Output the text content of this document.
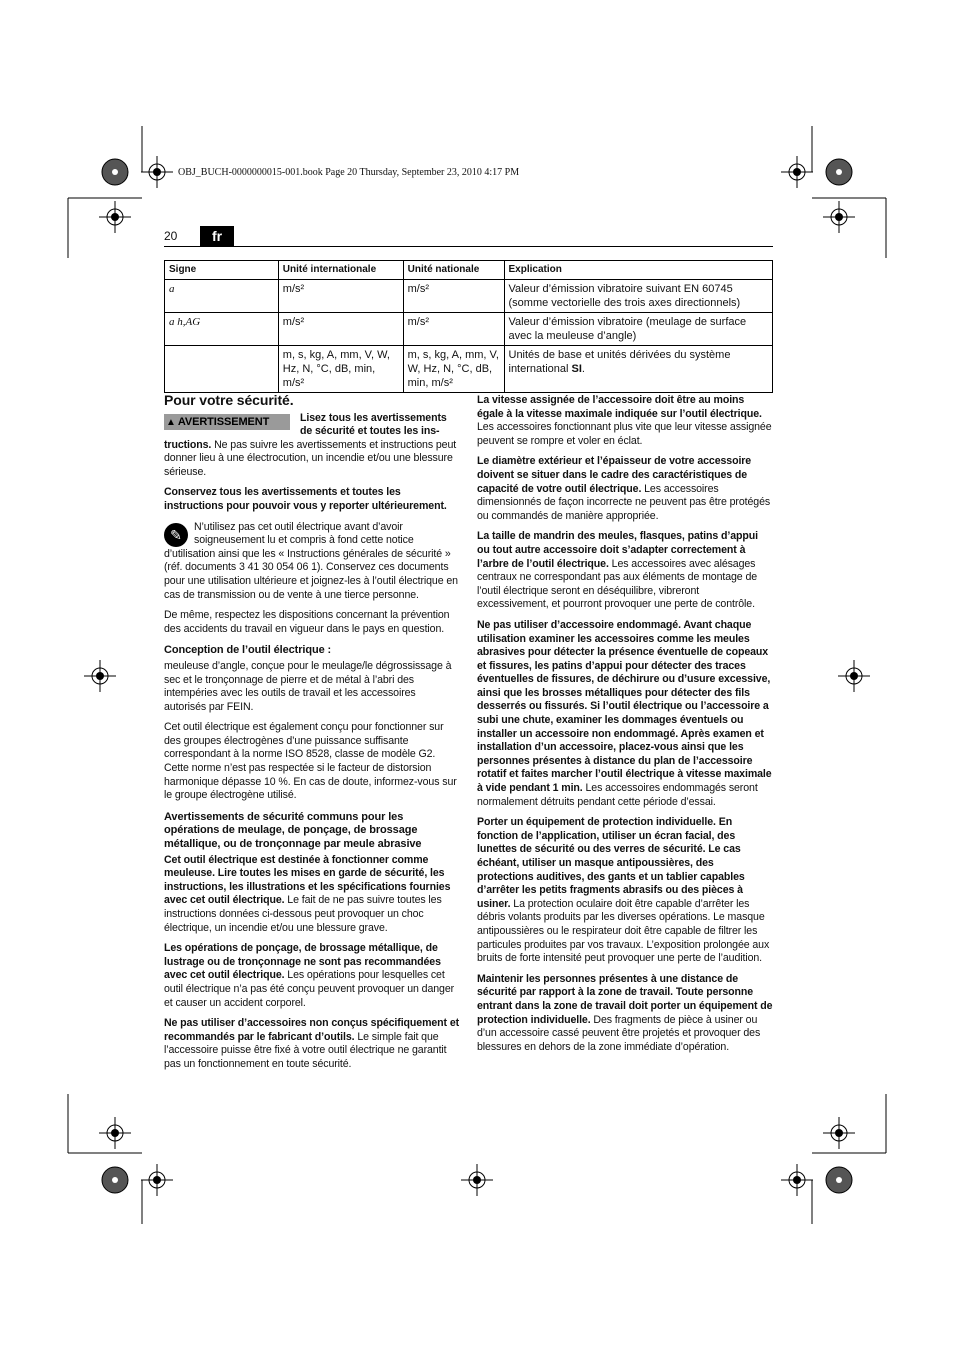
OBJ_BUCH-0000000015-001.book Page 20 Thursday, September 23, 2010 4:17 PM
20	fr
Signe	Unité internationale	Unité nationale	Explication
a	m/s²	m/s²	Valeur d’émission vibratoire suivant EN 60745 (somme vectorielle des trois axes directionnels)
a h,AG	m/s²	m/s²	Valeur d’émission vibratoire (meulage de surface avec la meuleuse d’angle)
	m, s, kg, A, mm, V, W, Hz, N, °C, dB, min, m/s²	m, s, kg, A, mm, V, W, Hz, N, °C, dB, min, m/s²	Unités de base et unités dérivées du système international SI.

Pour votre sécurité.

▲ AVERTISSEMENT	Lisez tous les avertissements de sécurité et toutes les ins-

tructions. Ne pas suivre les avertissements et instructions peut donner lieu à une électrocution, un incendie et/ou une blessure sérieuse.

Conservez tous les avertissements et toutes les instructions pour pouvoir vous y reporter ultérieurement.

✎	N’utilisez pas cet outil électrique avant d’avoir soigneusement lu et compris à fond cette notice d’utilisation ainsi que les « Instructions générales de sécurité » (réf. documents 3 41 30 054 06 1). Conservez ces documents pour une utilisation ultérieure et joignez-les à l’outil électrique en cas de transmission ou de vente à une tierce personne.

De même, respectez les dispositions concernant la prévention des accidents du travail en vigueur dans le pays en question.

Conception de l’outil électrique :

meuleuse d’angle, conçue pour le meulage/le dégrossissage à sec et le tronçonnage de pierre et de métal à l’abri des intempéries avec les outils de travail et les accessoires autorisés par FEIN.

Cet outil électrique est également conçu pour fonctionner sur des groupes électrogènes d’une puissance suffisante correspondant à la norme ISO 8528, classe de modèle G2. Cette norme n’est pas respectée si le facteur de distorsion harmonique dépasse 10 %. En cas de doute, informez-vous sur le groupe électrogène utilisé.

Avertissements de sécurité communs pour les opérations de meulage, de ponçage, de brossage métallique, ou de tronçonnage par meule abrasive

Cet outil électrique est destinée à fonctionner comme meuleuse. Lire toutes les mises en garde de sécurité, les instructions, les illustrations et les spécifications fournies avec cet outil électrique. Le fait de ne pas suivre toutes les instructions données ci-dessous peut provoquer un choc électrique, un incendie et/ou une blessure grave.

Les opérations de ponçage, de brossage métallique, de lustrage ou de tronçonnage ne sont pas recommandées avec cet outil électrique. Les opérations pour lesquelles cet outil électrique n’a pas été conçu peuvent provoquer un danger et causer un accident corporel.

Ne pas utiliser d’accessoires non conçus spécifiquement et recommandés par le fabricant d’outils. Le simple fait que l’accessoire puisse être fixé à votre outil électrique ne garantit pas un fonctionnement en toute sécurité.

La vitesse assignée de l’accessoire doit être au moins égale à la vitesse maximale indiquée sur l’outil électrique. Les accessoires fonctionnant plus vite que leur vitesse assignée peuvent se rompre et voler en éclat.

Le diamètre extérieur et l’épaisseur de votre accessoire doivent se situer dans le cadre des caractéristiques de capacité de votre outil électrique. Les accessoires dimensionnés de façon incorrecte ne peuvent pas être protégés ou commandés de manière appropriée.

La taille de mandrin des meules, flasques, patins d’appui ou tout autre accessoire doit s’adapter correctement à l’arbre de l’outil électrique. Les accessoires avec alésages centraux ne correspondant pas aux éléments de montage de l’outil électrique seront en déséquilibre, vibreront excessivement, et pourront provoquer une perte de contrôle.

Ne pas utiliser d’accessoire endommagé. Avant chaque utilisation examiner les accessoires comme les meules abrasives pour détecter la présence éventuelle de copeaux et fissures, les patins d’appui pour détecter des traces éventuelles de fissures, de déchirure ou d’usure excessive, ainsi que les brosses métalliques pour détecter des fils desserrés ou fissurés. Si l’outil électrique ou l’accessoire a subi une chute, examiner les dommages éventuels ou installer un accessoire non endommagé. Après examen et installation d’un accessoire, placez-vous ainsi que les personnes présentes à distance du plan de l’accessoire rotatif et faites marcher l’outil électrique à vitesse maximale à vide pendant 1 min. Les accessoires endommagés seront normalement détruits pendant cette période d’essai.

Porter un équipement de protection individuelle. En fonction de l’application, utiliser un écran facial, des lunettes de sécurité ou des verres de sécurité. Le cas échéant, utiliser un masque antipoussières, des protections auditives, des gants et un tablier capables d’arrêter les petits fragments abrasifs ou des pièces à usiner. La protection oculaire doit être capable d’arrêter les débris volants produits par les diverses opérations. Le masque antipoussières ou le respirateur doit être capable de filtrer les particules produites par vos travaux. L’exposition prolongée aux bruits de forte intensité peut provoquer une perte de l’audition.

Maintenir les personnes présentes à une distance de sécurité par rapport à la zone de travail. Toute personne entrant dans la zone de travail doit porter un équipement de protection individuelle. Des fragments de pièce à usiner ou d’un accessoire cassé peuvent être projetés et provoquer des blessures en dehors de la zone immédiate d’opération.
